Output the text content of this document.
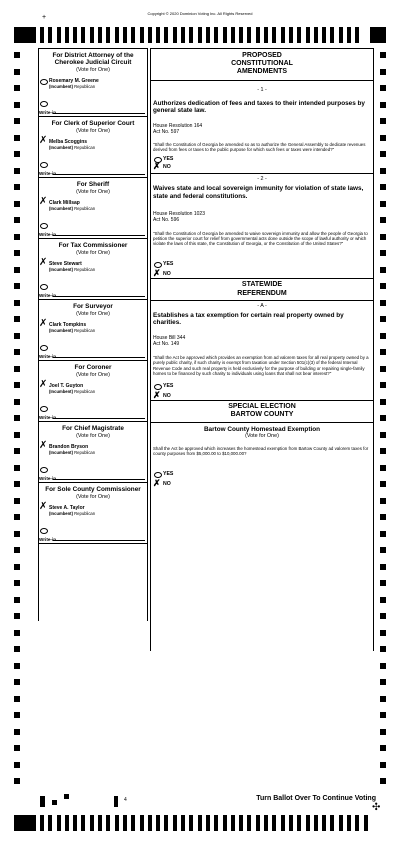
Copyright © 2020 Dominion Voting Inc. All Rights Reserved
+
For District Attorney of the
Cherokee Judicial Circuit
(Vote for One)
Rosemary M. Greene
(Incumbent) Republican
Write-in
For Clerk of Superior Court
(Vote for One)
✗ Melba Scoggins
(Incumbent) Republican
Write-in
For Sheriff
(Vote for One)
✗ Clark Millsap
(Incumbent) Republican
Write-in
For Tax Commissioner
(Vote for One)
✗ Steve Stewart
(Incumbent) Republican
Write-in
For Surveyor
(Vote for One)
✗ Clark Tompkins
(Incumbent) Republican
Write-in
For Coroner
(Vote for One)
✗ Joel T. Guyton
(Incumbent) Republican
Write-in
For Chief Magistrate
(Vote for One)
✗ Brandon Bryson
(Incumbent) Republican
Write-in
For Sole County Commissioner
(Vote for One)
✗ Steve A. Taylor
(Incumbent) Republican
Write-in
PROPOSED
CONSTITUTIONAL
AMENDMENTS
- 1 -
Authorizes dedication of fees and taxes to their intended purposes by general state law.
House Resolution 164
Act No. 597
"Shall the Constitution of Georgia be amended so as to authorize the General Assembly to dedicate revenues derived from fees or taxes to the public purpose for which such fees or taxes were intended?"
YES
✗ NO
- 2 -
Waives state and local sovereign immunity for violation of state laws, state and federal constitutions.
House Resolution 1023
Act No. 596
"Shall the Constitution of Georgia be amended to waive sovereign immunity and allow the people of Georgia to petition the superior court for relief from governmental acts done outside the scope of lawful authority or which violate the laws of this state, the Constitution of Georgia, or the Constitution of the United States?"
YES
✗ NO
STATEWIDE
REFERENDUM
- A -
Establishes a tax exemption for certain real property owned by charities.
House Bill 344
Act No. 149
"Shall the Act be approved which provides an exemption from ad valorem taxes for all real property owned by a purely public charity, if such charity is exempt from taxation under Section 501(c)(3) of the federal Internal Revenue Code and such real property is held exclusively for the purpose of building or repairing single-family homes to be financed by such charity to individuals using loans that shall not bear interest?"
YES
✗ NO
SPECIAL ELECTION
BARTOW COUNTY
Bartow County Homestead Exemption
(Vote for One)
Shall the Act be approved which increases the homestead exemption from Bartow County ad valorem taxes for county purposes from $5,000.00 to $10,000.00?
YES
✗ NO
4	Turn Ballot Over To Continue Voting
✣
